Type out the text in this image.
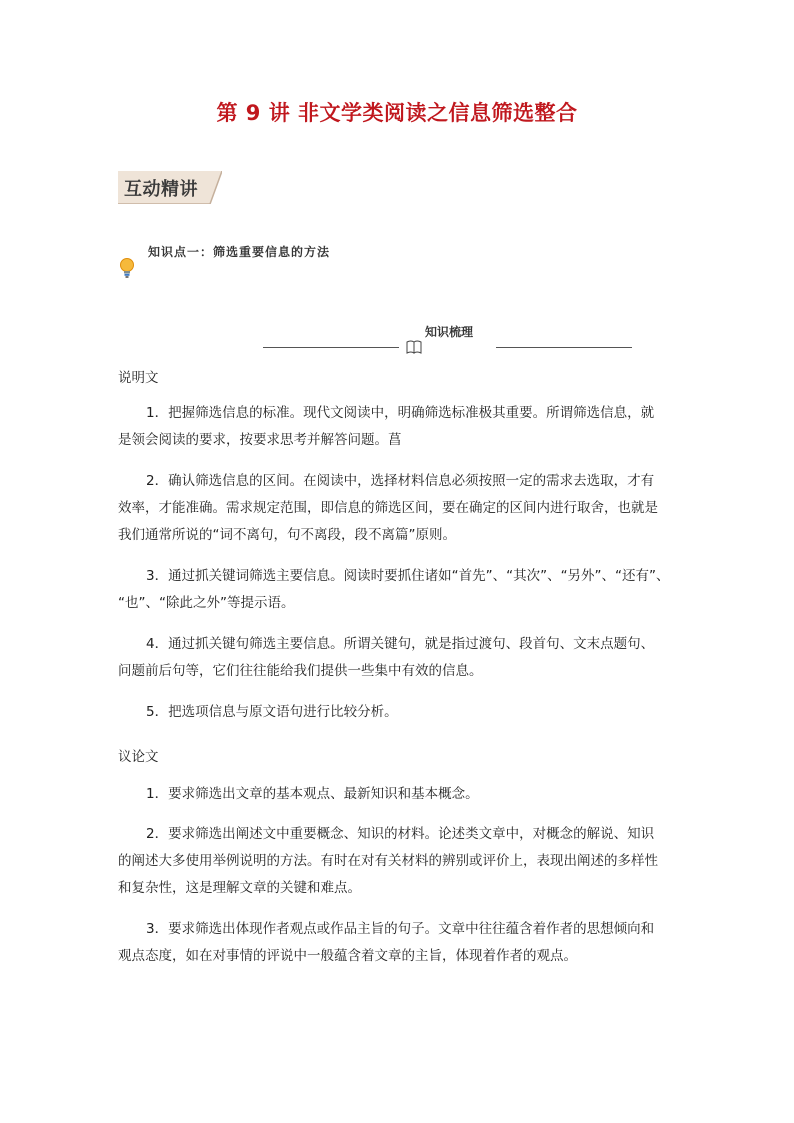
第 9 讲 非文学类阅读之信息筛选整合
互动精讲
知识点一：筛选重要信息的方法
知识梳理
说明文
1．把握筛选信息的标准。现代文阅读中，明确筛选标准极其重要。所谓筛选信息，就
是领会阅读的要求，按要求思考并解答问题。菖
2．确认筛选信息的区间。在阅读中，选择材料信息必须按照一定的需求去选取，才有
效率，才能准确。需求规定范围，即信息的筛选区间，要在确定的区间内进行取舍，也就是
我们通常所说的“词不离句，句不离段，段不离篇”原则。
3．通过抓关键词筛选主要信息。阅读时要抓住诸如“首先”、“其次”、“另外”、“还有”、
“也”、“除此之外”等提示语。
4．通过抓关键句筛选主要信息。所谓关键句，就是指过渡句、段首句、文末点题句、
问题前后句等，它们往往能给我们提供一些集中有效的信息。
5．把选项信息与原文语句进行比较分析。
议论文
1．要求筛选出文章的基本观点、最新知识和基本概念。
2．要求筛选出阐述文中重要概念、知识的材料。论述类文章中，对概念的解说、知识
的阐述大多使用举例说明的方法。有时在对有关材料的辨别或评价上，表现出阐述的多样性
和复杂性，这是理解文章的关键和难点。
3．要求筛选出体现作者观点或作品主旨的句子。文章中往往蕴含着作者的思想倾向和
观点态度，如在对事情的评说中一般蕴含着文章的主旨，体现着作者的观点。
